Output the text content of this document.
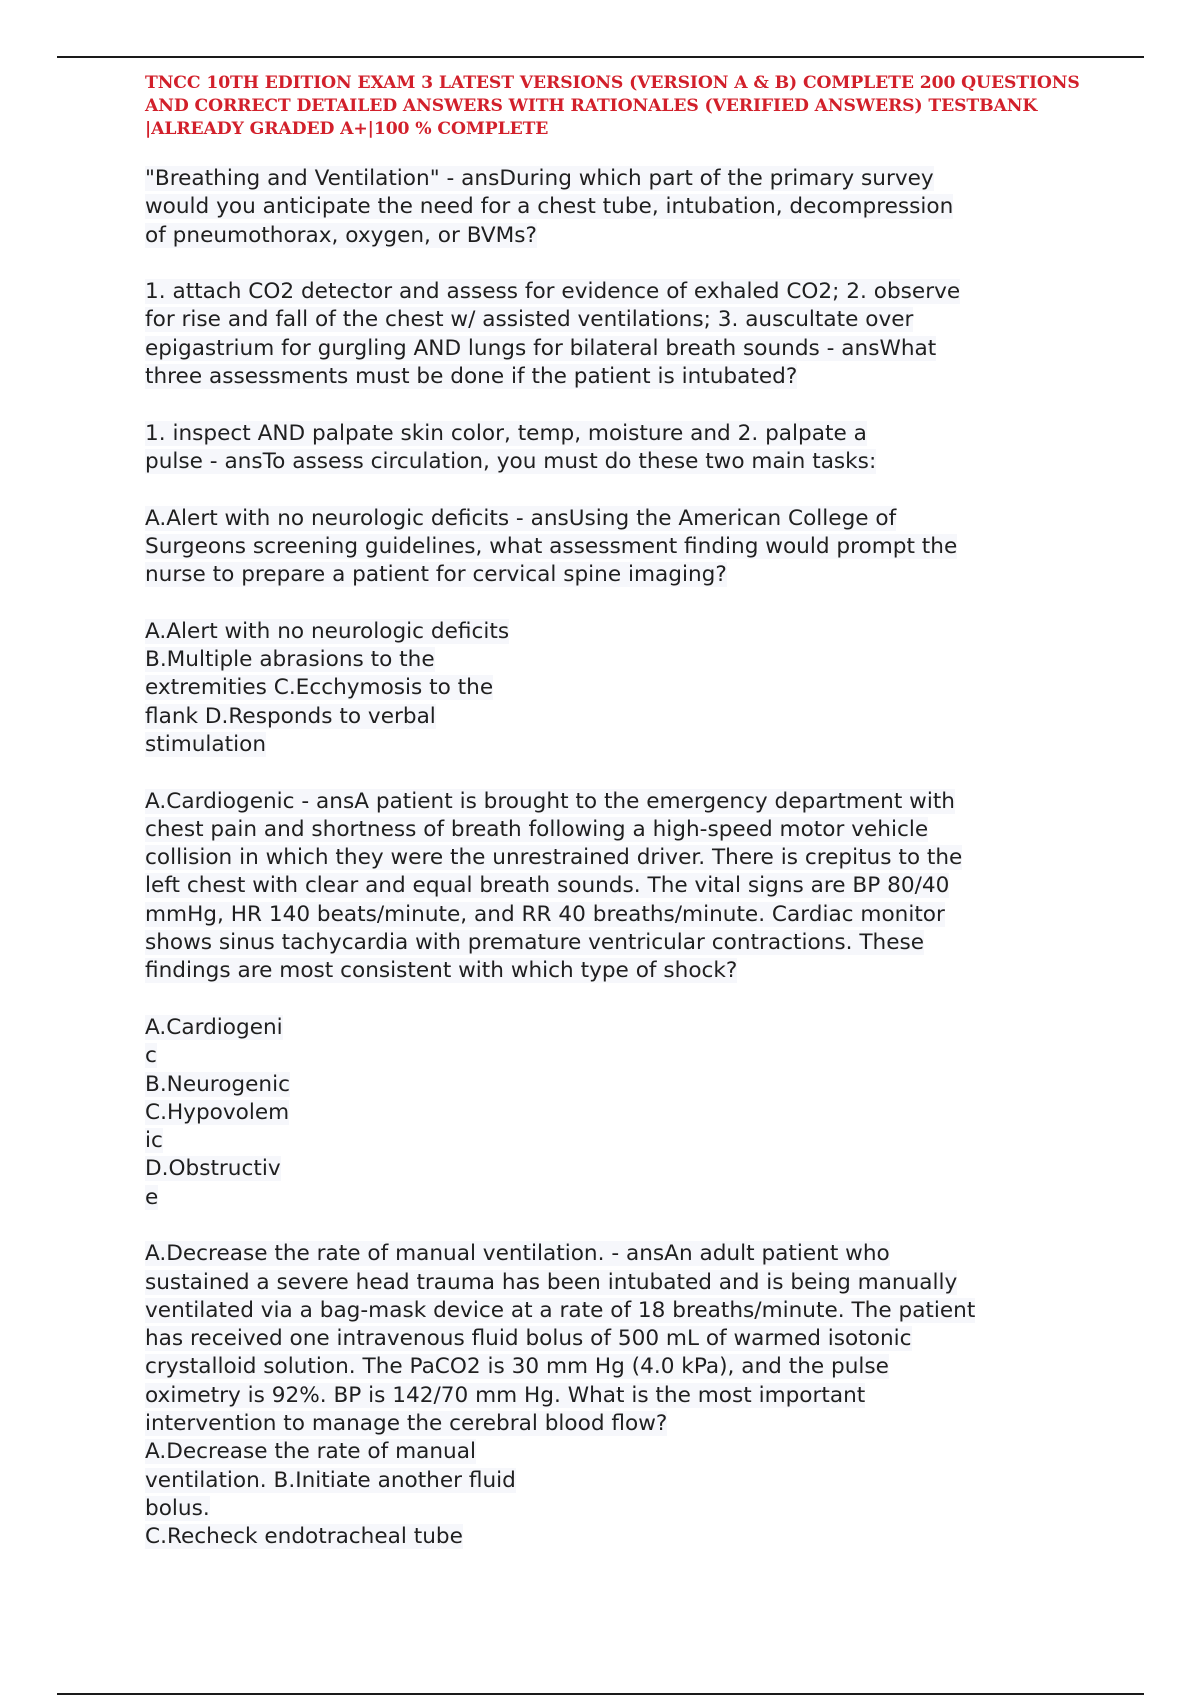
TNCC 10TH EDITION EXAM 3 LATEST VERSIONS (VERSION A & B) COMPLETE 200 QUESTIONS
AND CORRECT DETAILED ANSWERS WITH RATIONALES (VERIFIED ANSWERS) TESTBANK
|ALREADY GRADED A+|100 % COMPLETE

"Breathing and Ventilation" - ansDuring which part of the primary survey
would you anticipate the need for a chest tube, intubation, decompression
of pneumothorax, oxygen, or BVMs?

1. attach CO2 detector and assess for evidence of exhaled CO2; 2. observe
for rise and fall of the chest w/ assisted ventilations; 3. auscultate over
epigastrium for gurgling AND lungs for bilateral breath sounds - ansWhat
three assessments must be done if the patient is intubated?

1. inspect AND palpate skin color, temp, moisture and 2. palpate a
pulse - ansTo assess circulation, you must do these two main tasks:

A.Alert with no neurologic deficits - ansUsing the American College of
Surgeons screening guidelines, what assessment finding would prompt the
nurse to prepare a patient for cervical spine imaging?

A.Alert with no neurologic deficits
B.Multiple abrasions to the
extremities C.Ecchymosis to the
flank D.Responds to verbal
stimulation

A.Cardiogenic - ansA patient is brought to the emergency department with
chest pain and shortness of breath following a high-speed motor vehicle
collision in which they were the unrestrained driver. There is crepitus to the
left chest with clear and equal breath sounds. The vital signs are BP 80/40
mmHg, HR 140 beats/minute, and RR 40 breaths/minute. Cardiac monitor
shows sinus tachycardia with premature ventricular contractions. These
findings are most consistent with which type of shock?

A.Cardiogeni
c
B.Neurogenic
C.Hypovolem
ic
D.Obstructiv
e

A.Decrease the rate of manual ventilation. - ansAn adult patient who
sustained a severe head trauma has been intubated and is being manually
ventilated via a bag-mask device at a rate of 18 breaths/minute. The patient
has received one intravenous fluid bolus of 500 mL of warmed isotonic
crystalloid solution. The PaCO2 is 30 mm Hg (4.0 kPa), and the pulse
oximetry is 92%. BP is 142/70 mm Hg. What is the most important
intervention to manage the cerebral blood flow?
A.Decrease the rate of manual
ventilation. B.Initiate another fluid
bolus.
C.Recheck endotracheal tube
